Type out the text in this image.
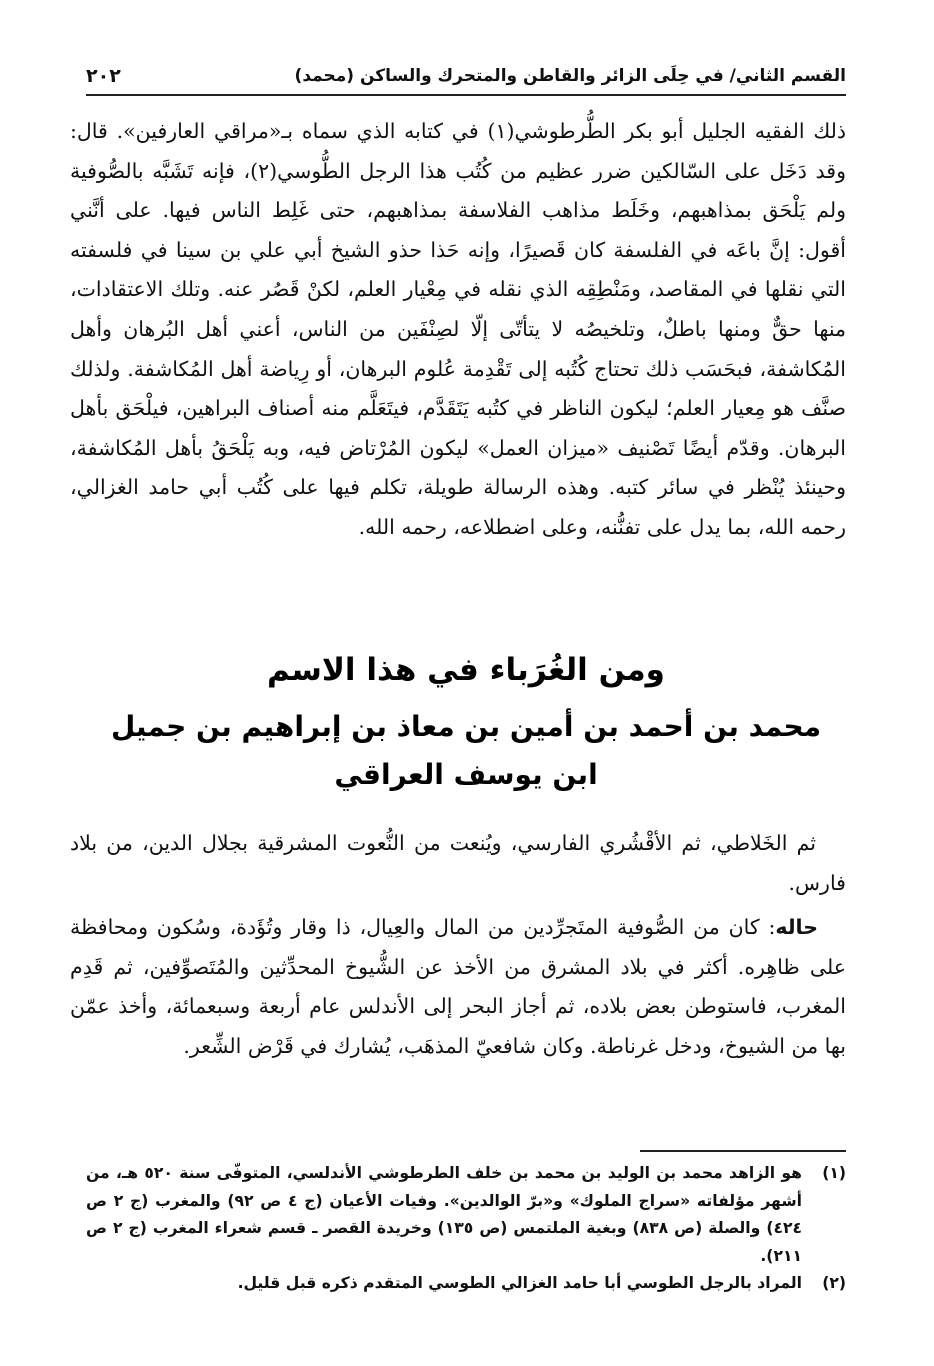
القسم الثاني/ في حِلَى الزائر والقاطن والمتحرك والساكن (محمد)
٢٠٢

ذلك الفقيه الجليل أبو بكر الطُّرطوشي(١) في كتابه الذي سماه بـ«مراقي العارفين». قال: وقد دَخَل على السّالكين ضرر عظيم من كُتُب هذا الرجل الطُّوسي(٢)، فإنه تَشَبَّه بالصُّوفية ولم يَلْحَق بمذاهبهم، وخَلَط مذاهب الفلاسفة بمذاهبهم، حتى غَلِط الناس فيها. على أنَّني أقول: إنَّ باعَه في الفلسفة كان قَصيرًا، وإنه حَذا حذو الشيخ أبي علي بن سينا في فلسفته التي نقلها في المقاصد، ومَنْطِقِه الذي نقله في مِعْيار العلم، لكنْ قَصُر عنه. وتلك الاعتقادات، منها حقٌّ ومنها باطلٌ، وتلخيصُه لا يتأتّى إلّا لصِنْفَين من الناس، أعني أهل البُرهان وأهل المُكاشفة، فبحَسَب ذلك تحتاج كُتُبه إلى تَقْدِمة عُلوم البرهان، أو رِياضة أهل المُكاشفة. ولذلك صنَّف هو مِعيار العلم؛ ليكون الناظر في كتُبه يَتَقَدَّم، فيتَعَلَّم منه أصناف البراهين، فيلْحَق بأهل البرهان. وقدّم أيضًا تَصْنيف «ميزان العمل» ليكون المُرْتاض فيه، وبه يَلْحَقُ بأهل المُكاشفة، وحينئذ يُنْظر في سائر كتبه. وهذه الرسالة طويلة، تكلم فيها على كُتُب أبي حامد الغزالي، رحمه الله، بما يدل على تفنُّنه، وعلى اضطلاعه، رحمه الله.

ومن الغُرَباء في هذا الاسم
محمد بن أحمد بن أمين بن معاذ بن إبراهيم بن جميل
ابن يوسف العراقي

ثم الخَلاطي، ثم الأقْشُري الفارسي، ويُنعت من النُّعوت المشرقية بجلال الدين، من بلاد فارس.

حاله: كان من الصُّوفية المتَجرِّدين من المال والعِيال، ذا وقار وتُؤَدة، وسُكون ومحافظة على ظاهِره. أكثر في بلاد المشرق من الأخذ عن الشُّيوخ المحدِّثين والمُتَصوِّفين، ثم قَدِم المغرب، فاستوطن بعض بلاده، ثم أجاز البحر إلى الأندلس عام أربعة وسبعمائة، وأخذ عمّن بها من الشيوخ، ودخل غرناطة. وكان شافعيّ المذهَب، يُشارك في قَرْض الشِّعر.

(١)
هو الزاهد محمد بن الوليد بن محمد بن خلف الطرطوشي الأندلسي، المتوفّى سنة ٥٢٠ هـ، من أشهر مؤلفاته «سراج الملوك» و«برّ الوالدين». وفيات الأعيان (ج ٤ ص ٩٢) والمغرب (ج ٢ ص ٤٢٤) والصلة (ص ٨٣٨) وبغية الملتمس (ص ١٣٥) وخريدة القصر ـ قسم شعراء المغرب (ج ٢ ص ٢١١).
(٢)
المراد بالرجل الطوسي أبا حامد الغزالي الطوسي المتقدم ذكره قبل قليل.
